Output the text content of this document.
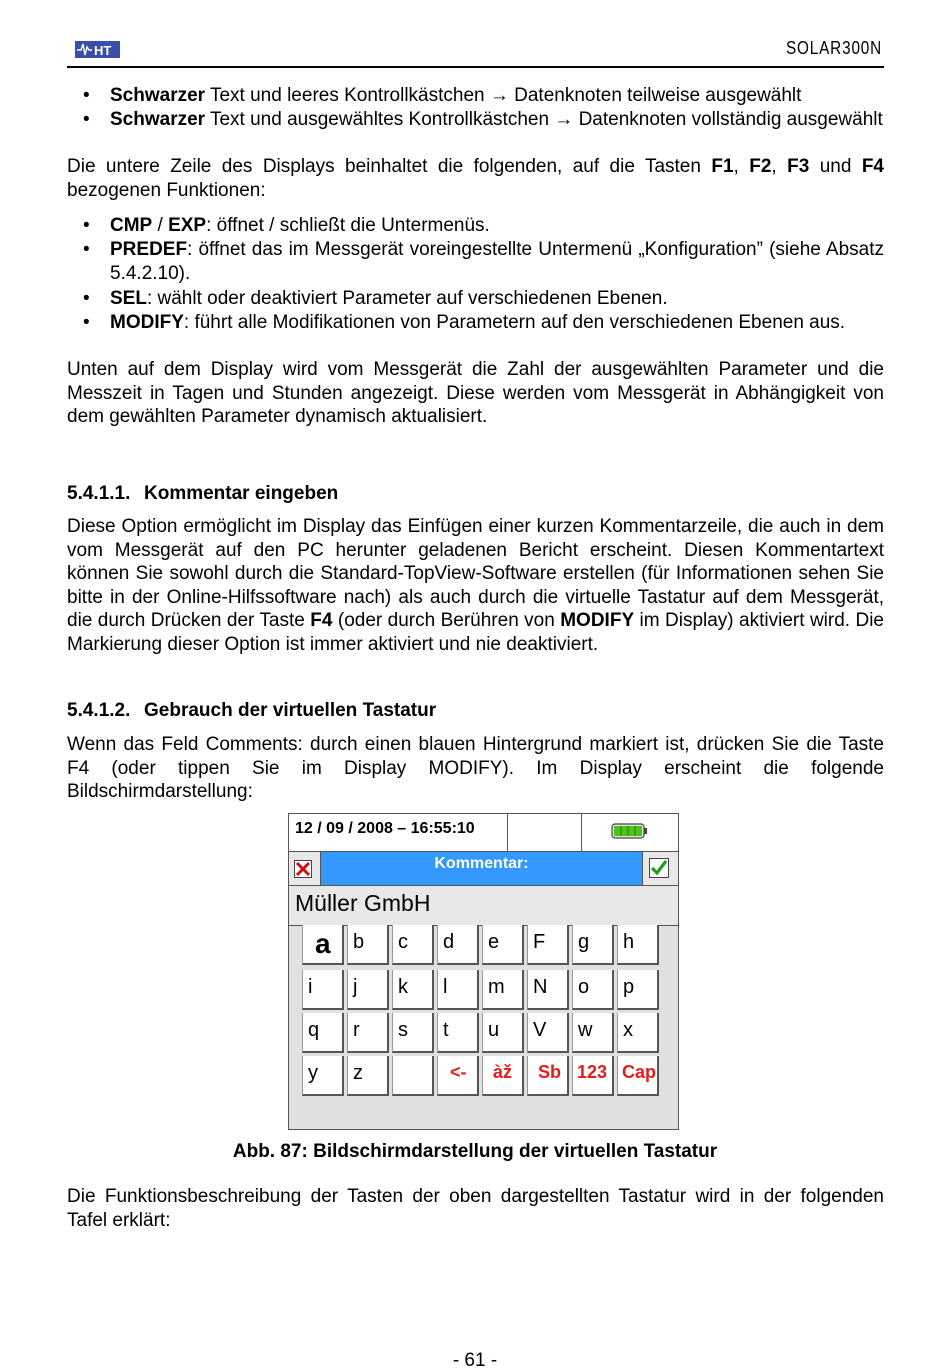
HT	SOLAR300N
• Schwarzer Text und leeres Kontrollkästchen → Datenknoten teilweise ausgewählt
• Schwarzer Text und ausgewähltes Kontrollkästchen → Datenknoten vollständig ausgewählt
Die untere Zeile des Displays beinhaltet die folgenden, auf die Tasten F1, F2, F3 und F4 bezogenen Funktionen:
• CMP / EXP: öffnet / schließt die Untermenüs.
• PREDEF: öffnet das im Messgerät voreingestellte Untermenü „Konfiguration” (siehe Absatz 5.4.2.10).
• SEL: wählt oder deaktiviert Parameter auf verschiedenen Ebenen.
• MODIFY: führt alle Modifikationen von Parametern auf den verschiedenen Ebenen aus.
Unten auf dem Display wird vom Messgerät die Zahl der ausgewählten Parameter und die Messzeit in Tagen und Stunden angezeigt. Diese werden vom Messgerät in Abhängigkeit von dem gewählten Parameter dynamisch aktualisiert.
5.4.1.1. Kommentar eingeben
Diese Option ermöglicht im Display das Einfügen einer kurzen Kommentarzeile, die auch in dem vom Messgerät auf den PC herunter geladenen Bericht erscheint. Diesen Kommentartext können Sie sowohl durch die Standard-TopView-Software erstellen (für Informationen sehen Sie bitte in der Online-Hilfssoftware nach) als auch durch die virtuelle Tastatur auf dem Messgerät, die durch Drücken der Taste F4 (oder durch Berühren von MODIFY im Display) aktiviert wird. Die Markierung dieser Option ist immer aktiviert und nie deaktiviert.
5.4.1.2. Gebrauch der virtuellen Tastatur
Wenn das Feld Comments: durch einen blauen Hintergrund markiert ist, drücken Sie die Taste F4 (oder tippen Sie im Display MODIFY). Im Display erscheint die folgende Bildschirmdarstellung:
12 / 09 / 2008 – 16:55:10
Kommentar:
Müller GmbH
a b c d e F g h
i j k l m N o p
q r s t u V w x
y z	<- àž Sb 123 Cap
Abb. 87: Bildschirmdarstellung der virtuellen Tastatur
Die Funktionsbeschreibung der Tasten der oben dargestellten Tastatur wird in der folgenden Tafel erklärt:
- 61 -
